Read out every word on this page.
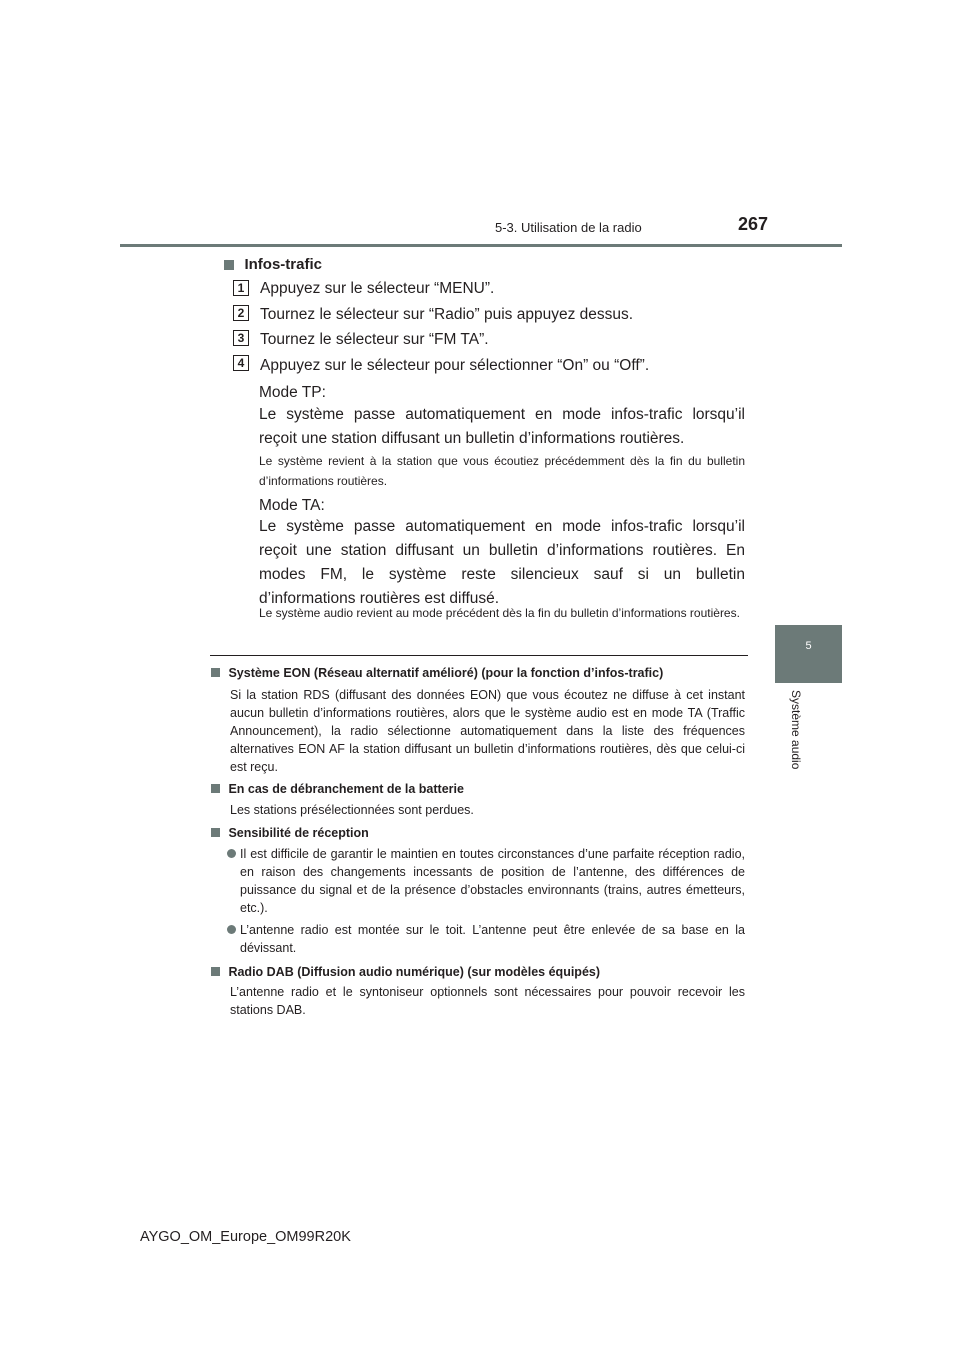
5-3. Utilisation de la radio	267
5
Système audio
Infos-trafic
1	Appuyez sur le sélecteur “MENU”.
2	Tournez le sélecteur sur “Radio” puis appuyez dessus.
3	Tournez le sélecteur sur “FM TA”.
4	Appuyez sur le sélecteur pour sélectionner “On” ou “Off”.
Mode TP:
Le système passe automatiquement en mode infos-trafic lorsqu’il reçoit une station diffusant un bulletin d’informations routières.
Le système revient à la station que vous écoutiez précédemment dès la fin du bulletin d’informations routières.
Mode TA:
Le système passe automatiquement en mode infos-trafic lorsqu’il reçoit une station diffusant un bulletin d’informations routières. En modes FM, le système reste silencieux sauf si un bulletin d’informations routières est diffusé.
Le système audio revient au mode précédent dès la fin du bulletin d’informations routières.
Système EON (Réseau alternatif amélioré) (pour la fonction d’infos-trafic)
Si la station RDS (diffusant des données EON) que vous écoutez ne diffuse à cet instant aucun bulletin d’informations routières, alors que le système audio est en mode TA (Traffic Announcement), la radio sélectionne automatiquement dans la liste des fréquences alternatives EON AF la station diffusant un bulletin d’informations routières, dès que celui-ci est reçu.
En cas de débranchement de la batterie
Les stations présélectionnées sont perdues.
Sensibilité de réception
Il est difficile de garantir le maintien en toutes circonstances d’une parfaite réception radio, en raison des changements incessants de position de l’antenne, des différences de puissance du signal et de la présence d’obstacles environnants (trains, autres émetteurs, etc.).
L’antenne radio est montée sur le toit. L’antenne peut être enlevée de sa base en la dévissant.
Radio DAB (Diffusion audio numérique) (sur modèles équipés)
L’antenne radio et le syntoniseur optionnels sont nécessaires pour pouvoir recevoir les stations DAB.
AYGO_OM_Europe_OM99R20K
